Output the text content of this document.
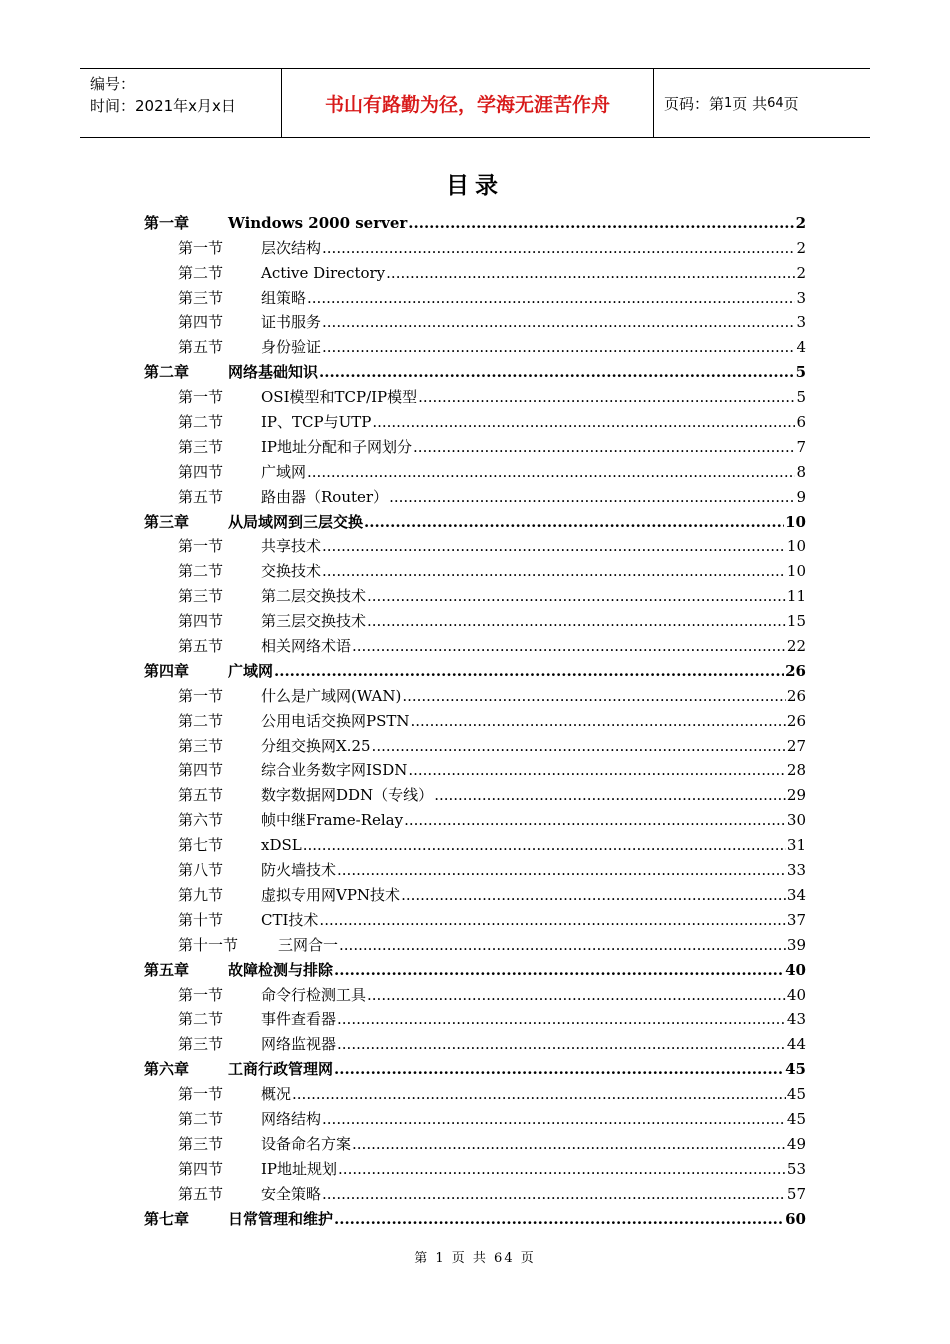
编号：
时间：2021年x月x日	书山有路勤为径，学海无涯苦作舟	页码：第 1 页 共 64 页
目录
第一章	Windows 2000 server .....	2
第一节	层次结构 .....	2
第二节	Active Directory .....	2
第三节	组策略 .....	3
第四节	证书服务 .....	3
第五节	身份验证 .....	4
第二章	网络基础知识 .....	5
第一节	OSI模型和TCP/IP模型 .....	5
第二节	IP、TCP与UTP .....	6
第三节	IP地址分配和子网划分 .....	7
第四节	广域网 .....	8
第五节	路由器（Router） .....	9
第三章	从局域网到三层交换 .....	10
第一节	共享技术 .....	10
第二节	交换技术 .....	10
第三节	第二层交换技术 .....	11
第四节	第三层交换技术 .....	15
第五节	相关网络术语 .....	22
第四章	广域网 .....	26
第一节	什么是广域网(WAN) .....	26
第二节	公用电话交换网PSTN .....	26
第三节	分组交换网X.25 .....	27
第四节	综合业务数字网ISDN .....	28
第五节	数字数据网DDN（专线） .....	29
第六节	帧中继Frame-Relay .....	30
第七节	xDSL .....	31
第八节	防火墙技术 .....	33
第九节	虚拟专用网VPN技术 .....	34
第十节	CTI技术 .....	37
第十一节	三网合一 .....	39
第五章	故障检测与排除 .....	40
第一节	命令行检测工具 .....	40
第二节	事件查看器 .....	43
第三节	网络监视器 .....	44
第六章	工商行政管理网 .....	45
第一节	概况 .....	45
第二节	网络结构 .....	45
第三节	设备命名方案 .....	49
第四节	IP地址规划 .....	53
第五节	安全策略 .....	57
第七章	日常管理和维护 .....	60
第 1 页 共 64 页
